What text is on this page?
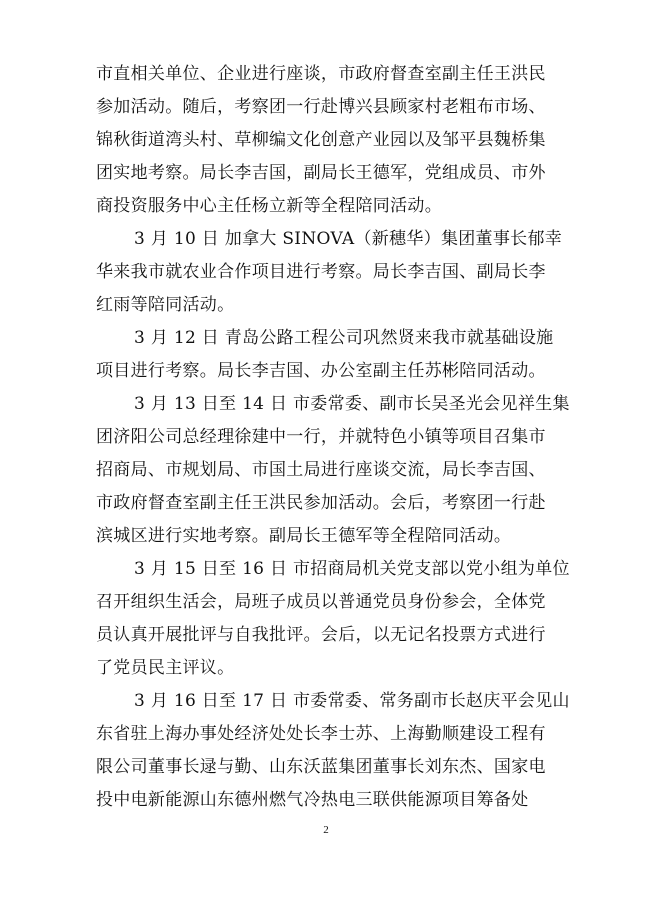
市直相关单位、企业进行座谈，市政府督查室副主任王洪民
参加活动。随后，考察团一行赴博兴县顾家村老粗布市场、
锦秋街道湾头村、草柳编文化创意产业园以及邹平县魏桥集
团实地考察。局长李吉国，副局长王德军，党组成员、市外
商投资服务中心主任杨立新等全程陪同活动。
3 月 10 日 加拿大 SINOVA（新穗华）集团董事长郁幸
华来我市就农业合作项目进行考察。局长李吉国、副局长李
红雨等陪同活动。
3 月 12 日 青岛公路工程公司巩然贤来我市就基础设施
项目进行考察。局长李吉国、办公室副主任苏彬陪同活动。
3 月 13 日至 14 日 市委常委、副市长吴圣光会见祥生集
团济阳公司总经理徐建中一行，并就特色小镇等项目召集市
招商局、市规划局、市国土局进行座谈交流，局长李吉国、
市政府督查室副主任王洪民参加活动。会后，考察团一行赴
滨城区进行实地考察。副局长王德军等全程陪同活动。
3 月 15 日至 16 日 市招商局机关党支部以党小组为单位
召开组织生活会，局班子成员以普通党员身份参会，全体党
员认真开展批评与自我批评。会后，以无记名投票方式进行
了党员民主评议。
3 月 16 日至 17 日 市委常委、常务副市长赵庆平会见山
东省驻上海办事处经济处处长李士苏、上海勤顺建设工程有
限公司董事长逯与勤、山东沃蓝集团董事长刘东杰、国家电
投中电新能源山东德州燃气冷热电三联供能源项目筹备处
2
